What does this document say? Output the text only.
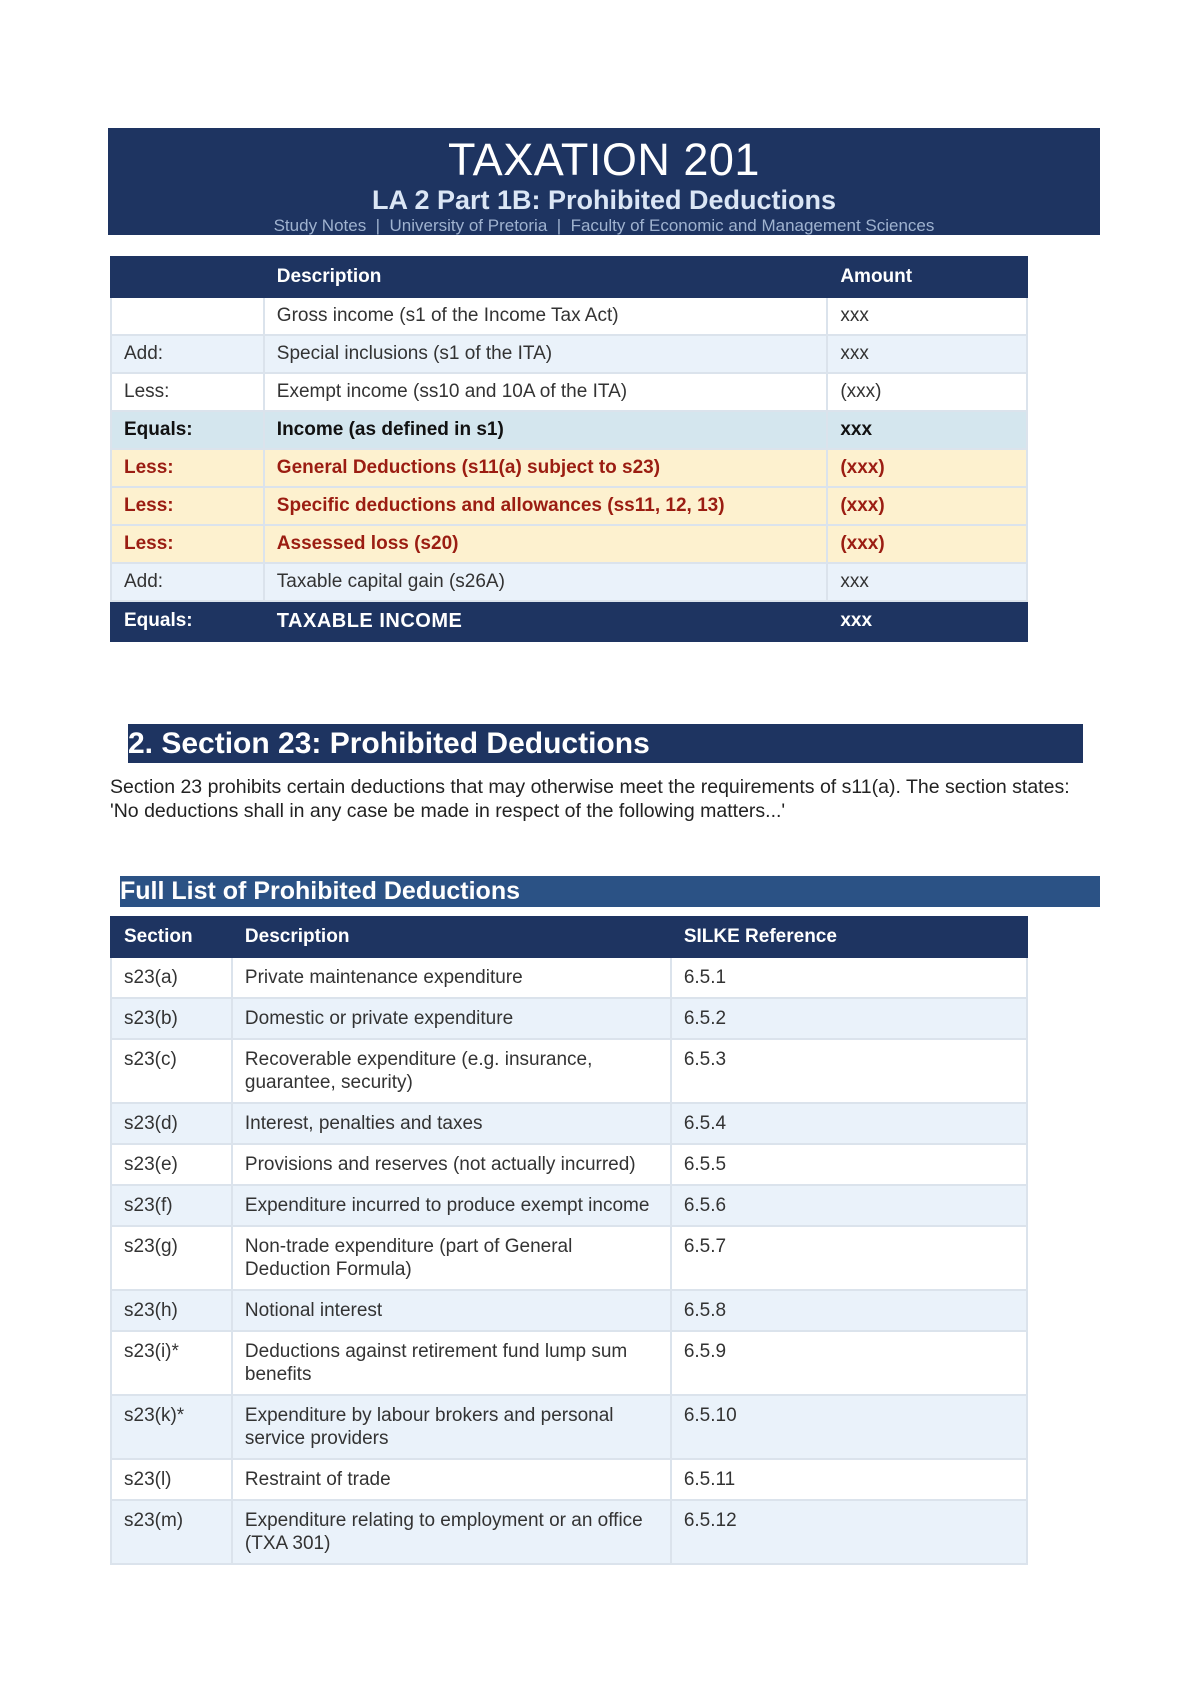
TAXATION 201
LA 2 Part 1B: Prohibited Deductions
Study Notes  |  University of Pretoria  |  Faculty of Economic and Management Sciences
	Description	Amount
	Gross income (s1 of the Income Tax Act)	xxx
Add:	Special inclusions (s1 of the ITA)	xxx
Less:	Exempt income (ss10 and 10A of the ITA)	(xxx)
Equals:	Income (as defined in s1)	xxx
Less:	General Deductions (s11(a) subject to s23)	(xxx)
Less:	Specific deductions and allowances (ss11, 12, 13)	(xxx)
Less:	Assessed loss (s20)	(xxx)
Add:	Taxable capital gain (s26A)	xxx
Equals:	TAXABLE INCOME	xxx
2. Section 23: Prohibited Deductions
Section 23 prohibits certain deductions that may otherwise meet the requirements of s11(a). The section states: 'No deductions shall in any case be made in respect of the following matters...'
Full List of Prohibited Deductions
Section	Description	SILKE Reference
s23(a)	Private maintenance expenditure	6.5.1
s23(b)	Domestic or private expenditure	6.5.2
s23(c)	Recoverable expenditure (e.g. insurance, guarantee, security)	6.5.3
s23(d)	Interest, penalties and taxes	6.5.4
s23(e)	Provisions and reserves (not actually incurred)	6.5.5
s23(f)	Expenditure incurred to produce exempt income	6.5.6
s23(g)	Non-trade expenditure (part of General Deduction Formula)	6.5.7
s23(h)	Notional interest	6.5.8
s23(i)*	Deductions against retirement fund lump sum benefits	6.5.9
s23(k)*	Expenditure by labour brokers and personal service providers	6.5.10
s23(l)	Restraint of trade	6.5.11
s23(m)	Expenditure relating to employment or an office (TXA 301)	6.5.12
